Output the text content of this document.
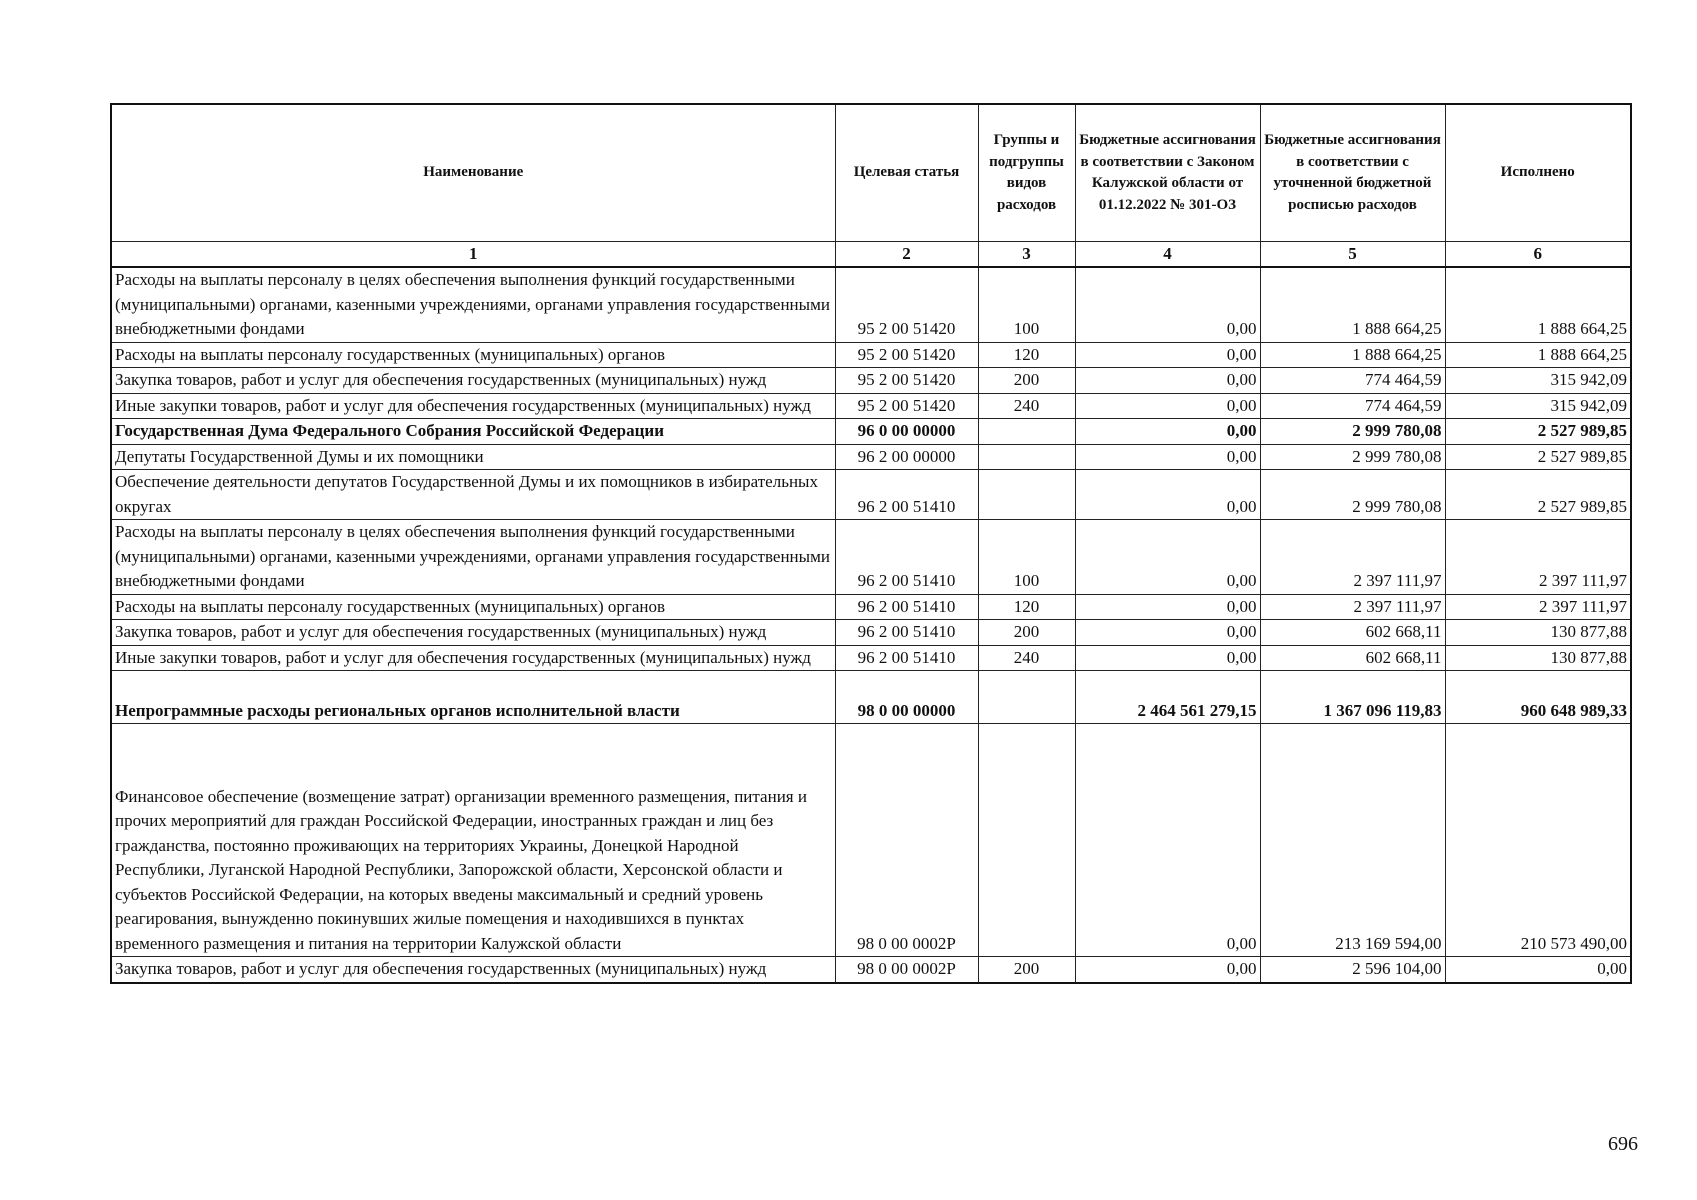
Наименование	Целевая статья	Группы и подгруппы видов расходов	Бюджетные ассигнования в соответствии с Законом Калужской области от 01.12.2022 № 301-ОЗ	Бюджетные ассигнования в соответствии с уточненной бюджетной росписью расходов	Исполнено
1	2	3	4	5	6
Расходы на выплаты персоналу в целях обеспечения выполнения функций государственными (муниципальными) органами, казенными учреждениями, органами управления государственными внебюджетными фондами	95 2 00 51420	100	0,00	1 888 664,25	1 888 664,25
Расходы на выплаты персоналу государственных (муниципальных) органов	95 2 00 51420	120	0,00	1 888 664,25	1 888 664,25
Закупка товаров, работ и услуг для обеспечения государственных (муниципальных) нужд	95 2 00 51420	200	0,00	774 464,59	315 942,09
Иные закупки товаров, работ и услуг для обеспечения государственных (муниципальных) нужд	95 2 00 51420	240	0,00	774 464,59	315 942,09
Государственная Дума Федерального Собрания Российской Федерации	96 0 00 00000		0,00	2 999 780,08	2 527 989,85
Депутаты Государственной Думы и их помощники	96 2 00 00000		0,00	2 999 780,08	2 527 989,85
Обеспечение деятельности депутатов Государственной Думы и их помощников в избирательных округах	96 2 00 51410		0,00	2 999 780,08	2 527 989,85
Расходы на выплаты персоналу в целях обеспечения выполнения функций государственными (муниципальными) органами, казенными учреждениями, органами управления государственными внебюджетными фондами	96 2 00 51410	100	0,00	2 397 111,97	2 397 111,97
Расходы на выплаты персоналу государственных (муниципальных) органов	96 2 00 51410	120	0,00	2 397 111,97	2 397 111,97
Закупка товаров, работ и услуг для обеспечения государственных (муниципальных) нужд	96 2 00 51410	200	0,00	602 668,11	130 877,88
Иные закупки товаров, работ и услуг для обеспечения государственных (муниципальных) нужд	96 2 00 51410	240	0,00	602 668,11	130 877,88
Непрограммные расходы региональных органов исполнительной власти	98 0 00 00000		2 464 561 279,15	1 367 096 119,83	960 648 989,33
Финансовое обеспечение (возмещение затрат) организации временного размещения, питания и прочих мероприятий для граждан Российской Федерации, иностранных граждан и лиц без гражданства, постоянно проживающих на территориях Украины, Донецкой Народной Республики, Луганской Народной Республики, Запорожской области, Херсонской области и субъектов Российской Федерации, на которых введены максимальный и средний уровень реагирования, вынужденно покинувших жилые помещения и находившихся в пунктах временного размещения и питания на территории Калужской области	98 0 00 0002Р		0,00	213 169 594,00	210 573 490,00
Закупка товаров, работ и услуг для обеспечения государственных (муниципальных) нужд	98 0 00 0002Р	200	0,00	2 596 104,00	0,00
696
